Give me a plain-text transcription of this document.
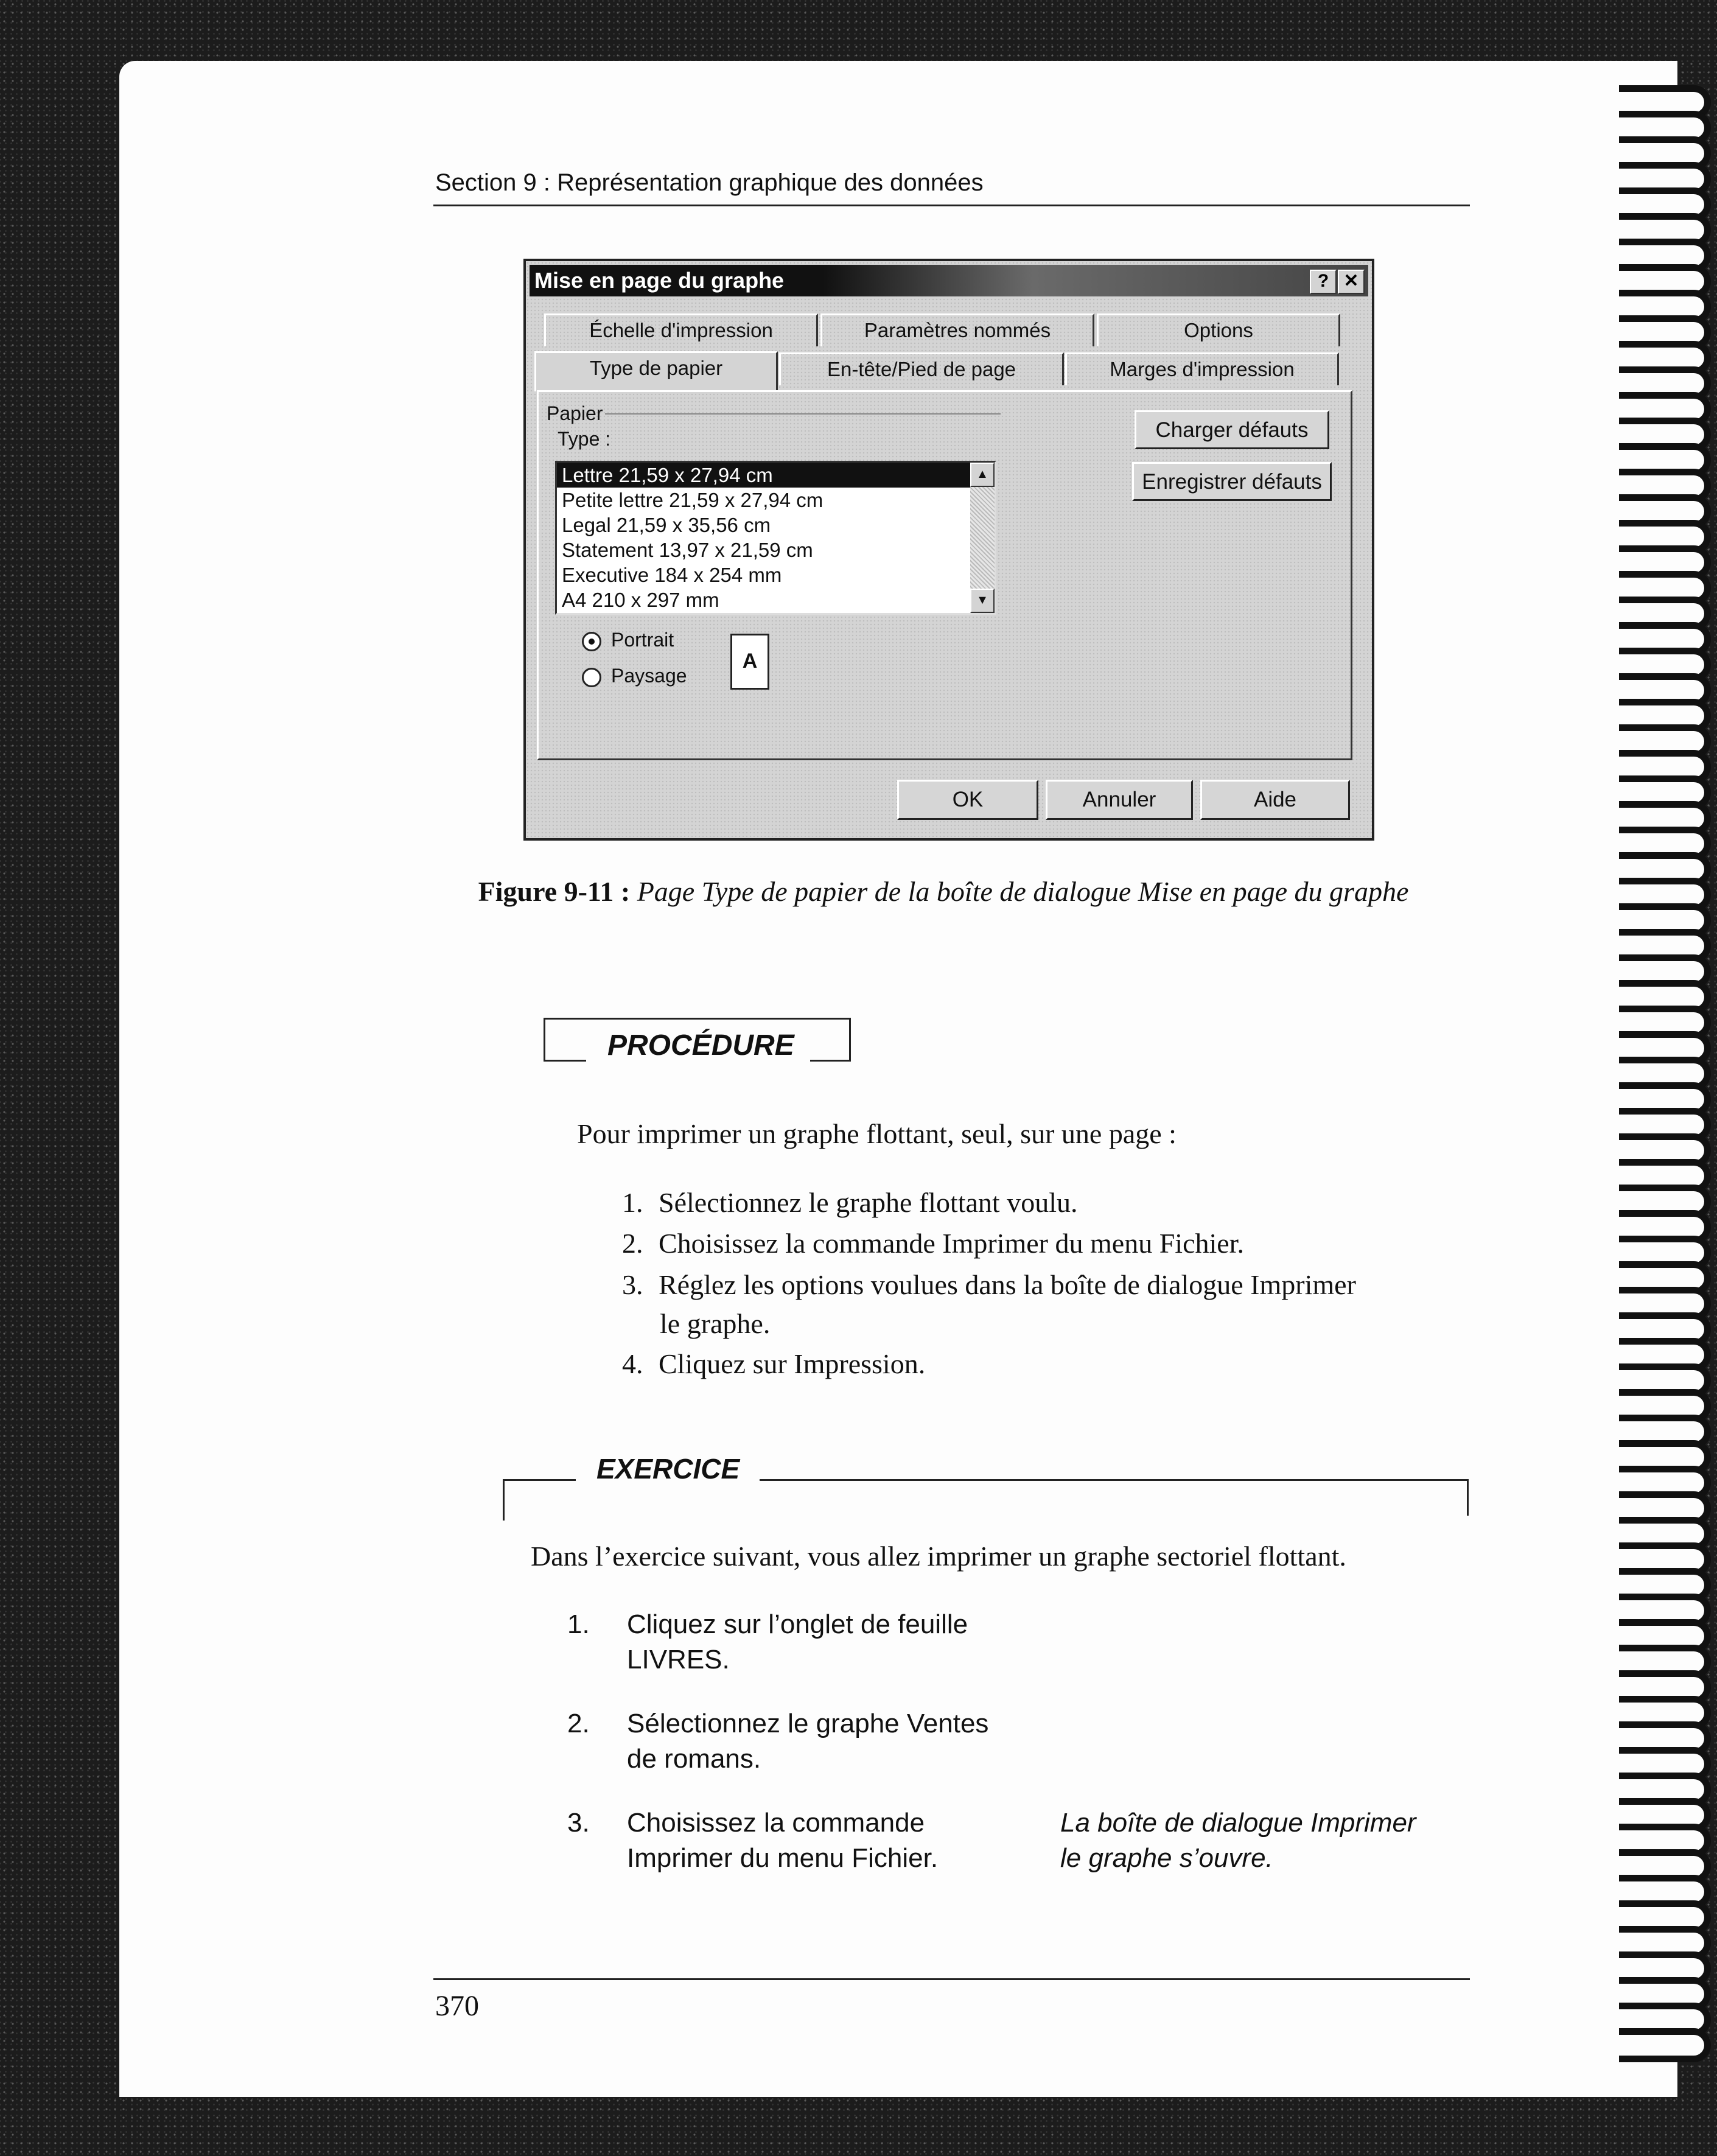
Section 9 : Représentation graphique des données
Mise en page du graphe	? ✕
Échelle d'impression	Paramètres nommés	Options
Type de papier	En-tête/Pied de page	Marges d'impression
Papier
Type :	Charger défauts
Enregistrer défauts
Portrait
Paysage
A
OK	Annuler	Aide
Lettre 21,59 x 27,94 cm
Petite lettre 21,59 x 27,94 cm
Legal 21,59 x 35,56 cm
Statement 13,97 x 21,59 cm
Executive 184 x 254 mm
A4 210 x 297 mm
▲
▼
Figure 9-11 : Page Type de papier de la boîte de dialogue Mise en page du graphe
PROCÉDURE
Pour imprimer un graphe flottant, seul, sur une page :
1. Sélectionnez le graphe flottant voulu.
2. Choisissez la commande Imprimer du menu Fichier.
3. Réglez les options voulues dans la boîte de dialogue Imprimer
le graphe.
4. Cliquez sur Impression.
EXERCICE
Dans l’exercice suivant, vous allez imprimer un graphe sectoriel flottant.
1. Cliquez sur l’onglet de feuille
LIVRES.
2. Sélectionnez le graphe Ventes
de romans.
3. Choisissez la commande
Imprimer du menu Fichier.
La boîte de dialogue Imprimer
le graphe s’ouvre.
370
